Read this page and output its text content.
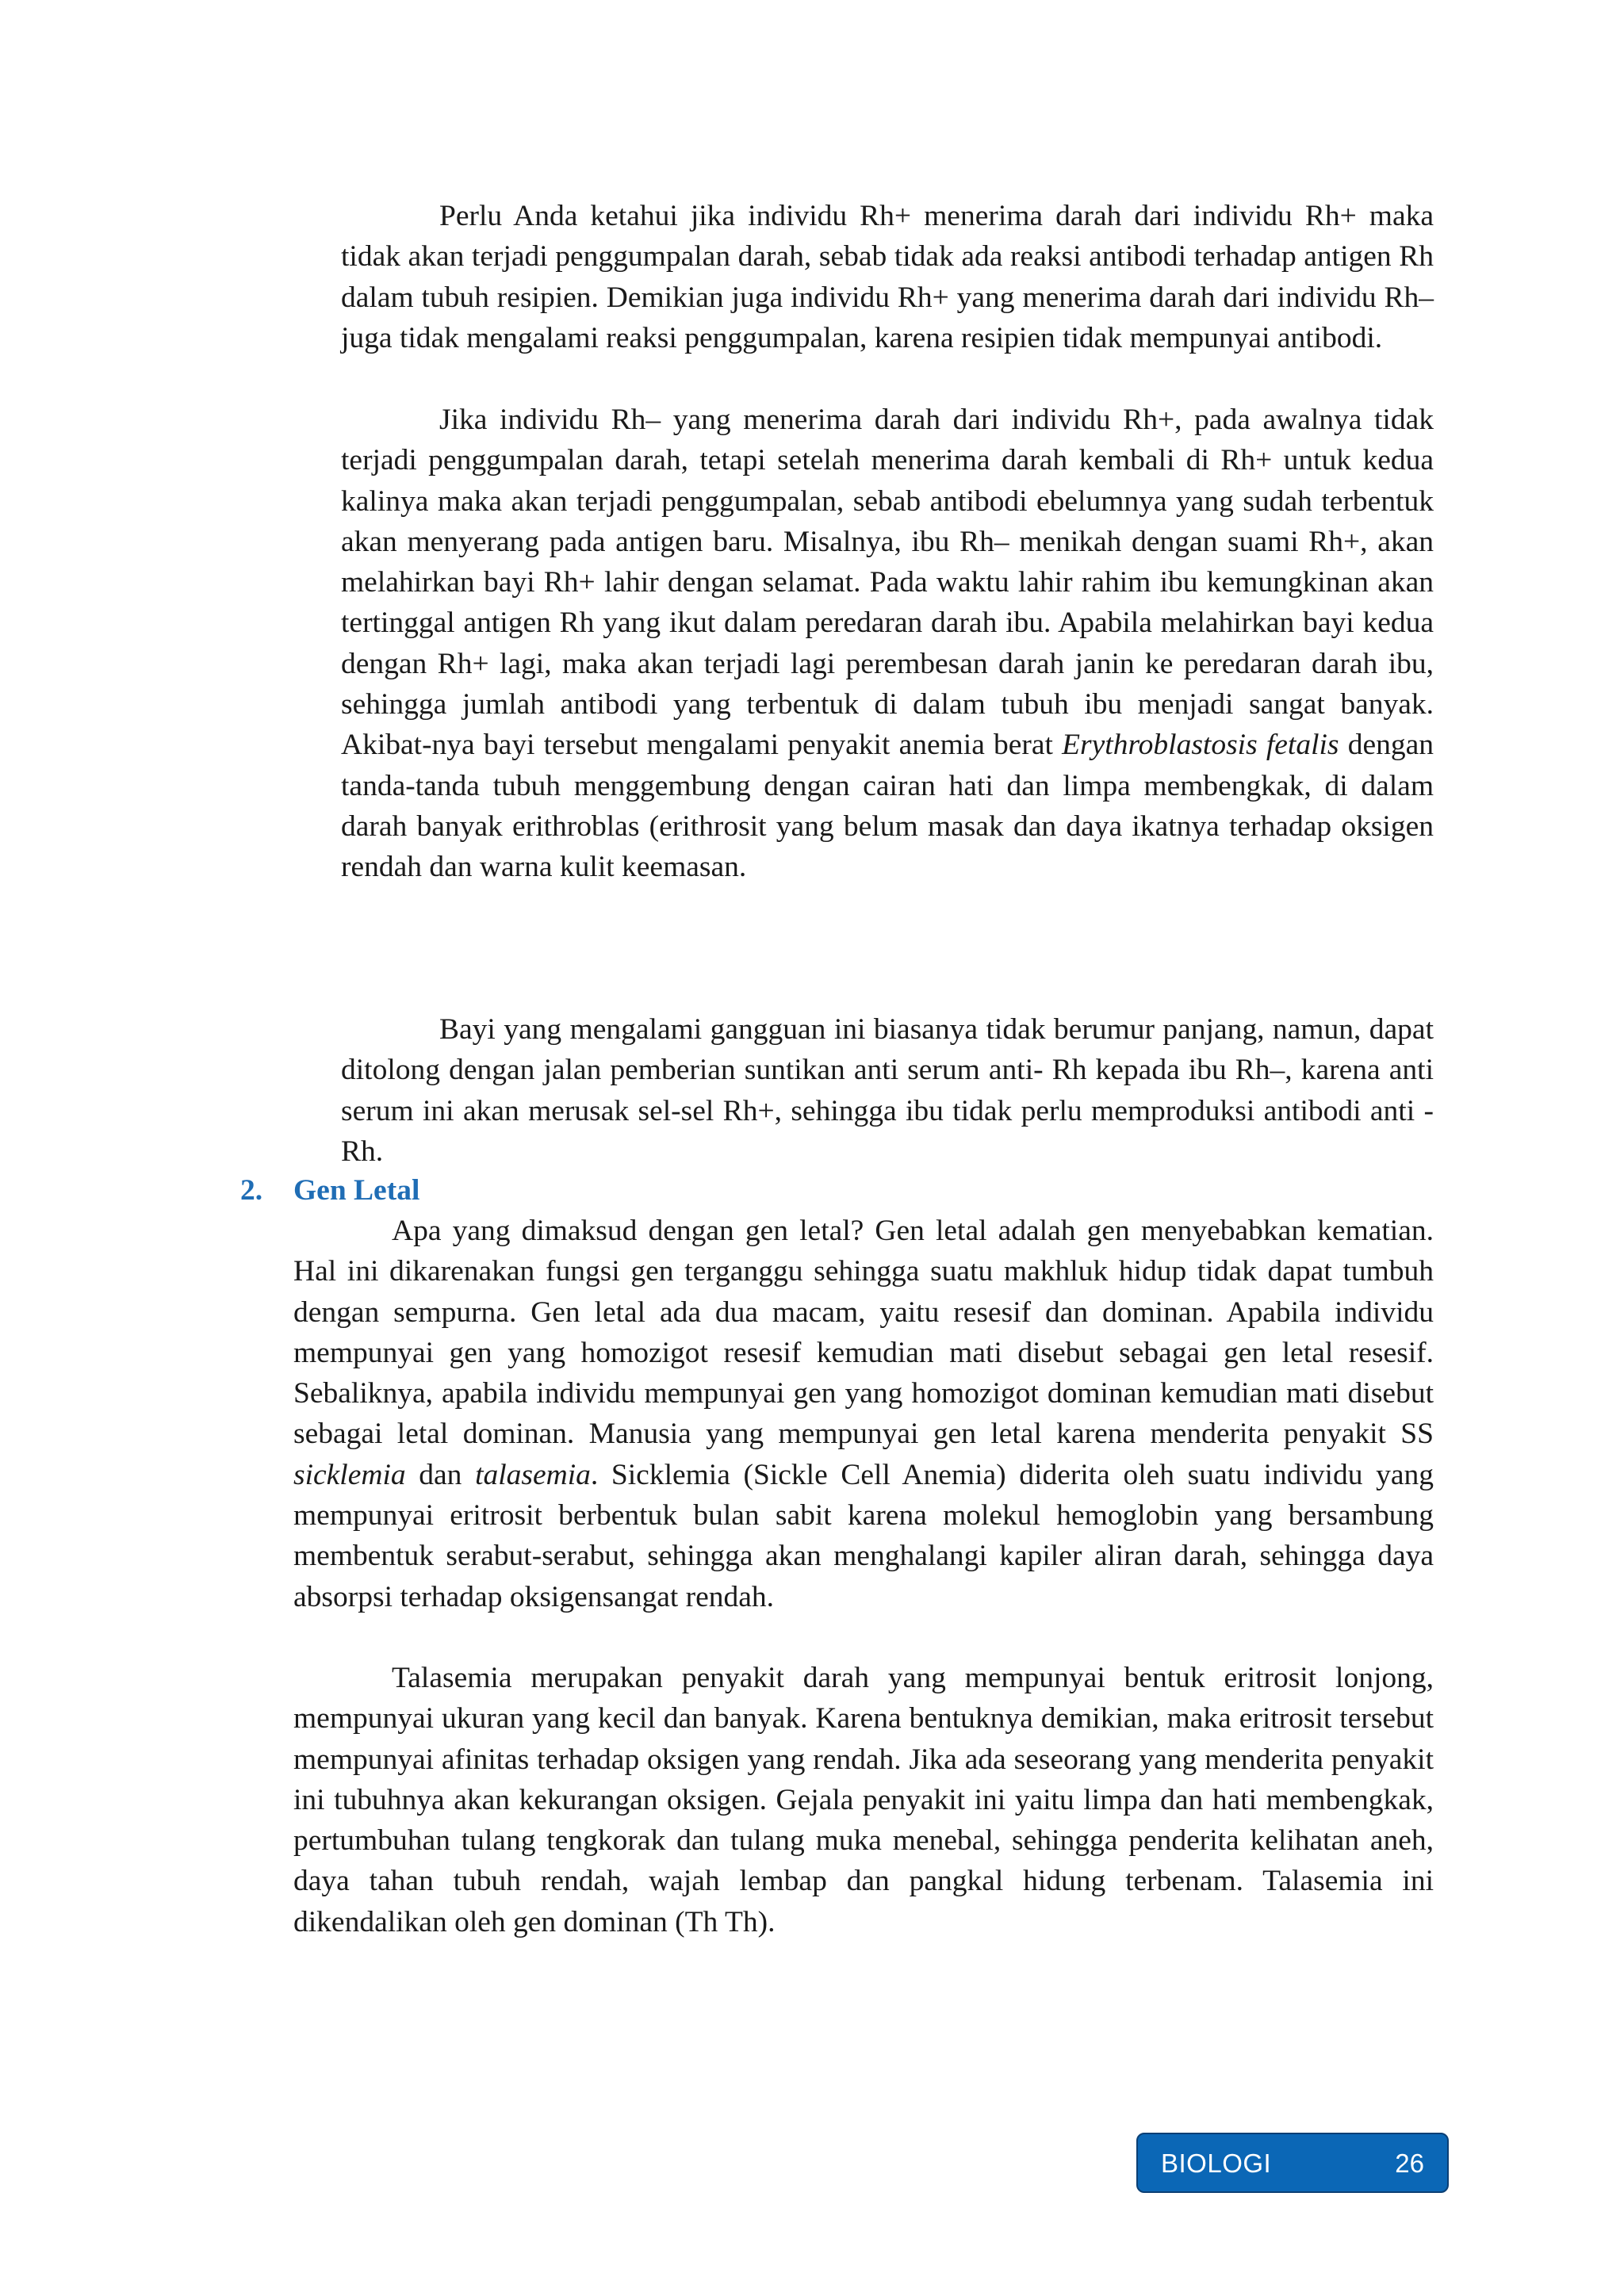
Perlu Anda ketahui jika individu Rh+ menerima darah dari individu Rh+ maka tidak akan terjadi penggumpalan darah, sebab tidak ada reaksi antibodi terhadap antigen Rh dalam tubuh resipien. Demikian juga individu Rh+ yang menerima darah dari individu Rh– juga tidak mengalami reaksi penggumpalan, karena resipien tidak mempunyai antibodi.

Jika individu Rh– yang menerima darah dari individu Rh+, pada awalnya tidak terjadi penggumpalan darah, tetapi setelah menerima darah kembali di Rh+ untuk kedua kalinya maka akan terjadi penggumpalan, sebab antibodi ebelumnya yang sudah terbentuk akan menyerang pada antigen baru. Misalnya, ibu Rh– menikah dengan suami Rh+, akan melahirkan bayi Rh+ lahir dengan selamat. Pada waktu lahir rahim ibu kemungkinan akan tertinggal antigen Rh yang ikut dalam peredaran darah ibu. Apabila melahirkan bayi kedua dengan Rh+ lagi, maka akan terjadi lagi perembesan darah janin ke peredaran darah ibu, sehingga jumlah antibodi yang terbentuk di dalam tubuh ibu menjadi sangat banyak. Akibat-nya bayi tersebut mengalami penyakit anemia berat Erythroblastosis fetalis dengan tanda-tanda tubuh menggembung dengan cairan hati dan limpa membengkak, di dalam darah banyak erithroblas (erithrosit yang belum masak dan daya ikatnya terhadap oksigen rendah dan warna kulit keemasan.

Bayi yang mengalami gangguan ini biasanya tidak berumur panjang, namun, dapat ditolong dengan jalan pemberian suntikan anti serum anti- Rh kepada ibu Rh–, karena anti serum ini akan merusak sel-sel Rh+, sehingga ibu tidak perlu memproduksi antibodi anti -Rh.

2. Gen Letal

Apa yang dimaksud dengan gen letal? Gen letal adalah gen menyebabkan kematian. Hal ini dikarenakan fungsi gen terganggu sehingga suatu makhluk hidup tidak dapat tumbuh dengan sempurna. Gen letal ada dua macam, yaitu resesif dan dominan. Apabila individu mempunyai gen yang homozigot resesif kemudian mati disebut sebagai gen letal resesif. Sebaliknya, apabila individu mempunyai gen yang homozigot dominan kemudian mati disebut sebagai letal dominan. Manusia yang mempunyai gen letal karena menderita penyakit SS sicklemia dan talasemia. Sicklemia (Sickle Cell Anemia) diderita oleh suatu individu yang mempunyai eritrosit berbentuk bulan sabit karena molekul hemoglobin yang bersambung membentuk serabut-serabut, sehingga akan menghalangi kapiler aliran darah, sehingga daya absorpsi terhadap oksigensangat rendah.

Talasemia merupakan penyakit darah yang mempunyai bentuk eritrosit lonjong, mempunyai ukuran yang kecil dan banyak. Karena bentuknya demikian, maka eritrosit tersebut mempunyai afinitas terhadap oksigen yang rendah. Jika ada seseorang yang menderita penyakit ini tubuhnya akan kekurangan oksigen. Gejala penyakit ini yaitu limpa dan hati membengkak, pertumbuhan tulang tengkorak dan tulang muka menebal, sehingga penderita kelihatan aneh, daya tahan tubuh rendah, wajah lembap dan pangkal hidung terbenam. Talasemia ini dikendalikan oleh gen dominan (Th Th).

BIOLOGI	26
